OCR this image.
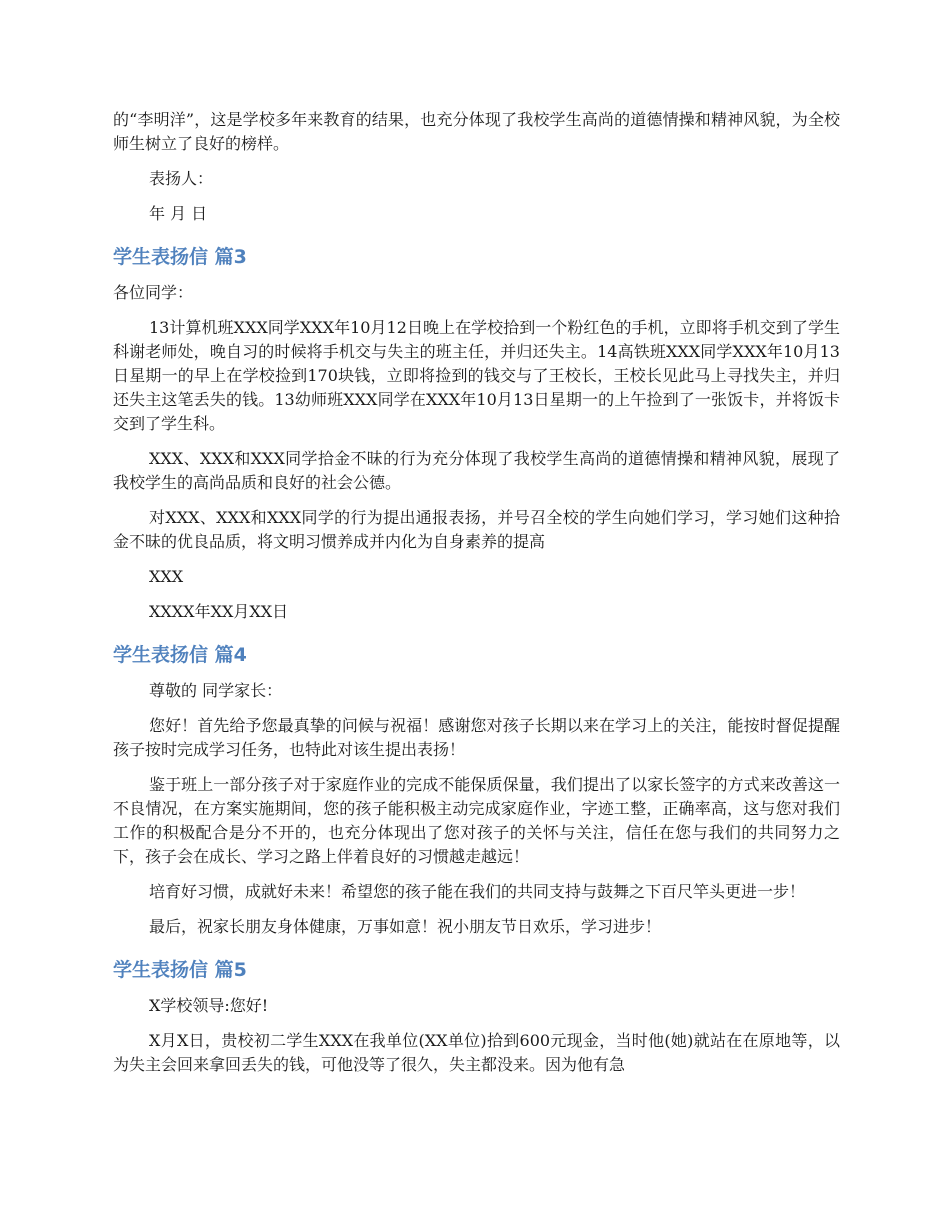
的“李明洋”，这是学校多年来教育的结果，也充分体现了我校学生高尚的道德情操和精神风貌，为全校师生树立了良好的榜样。

表扬人：

年 月 日

学生表扬信 篇3

各位同学：

13计算机班XXX同学XXX年10月12日晚上在学校拾到一个粉红色的手机，立即将手机交到了学生科谢老师处，晚自习的时候将手机交与失主的班主任，并归还失主。14高铁班XXX同学XXX年10月13日星期一的早上在学校捡到170块钱，立即将捡到的钱交与了王校长，王校长见此马上寻找失主，并归还失主这笔丢失的钱。13幼师班XXX同学在XXX年10月13日星期一的上午捡到了一张饭卡，并将饭卡交到了学生科。

XXX、XXX和XXX同学拾金不昧的行为充分体现了我校学生高尚的道德情操和精神风貌，展现了我校学生的高尚品质和良好的社会公德。

对XXX、XXX和XXX同学的行为提出通报表扬，并号召全校的学生向她们学习，学习她们这种拾金不昧的优良品质，将文明习惯养成并内化为自身素养的提高

XXX

XXXX年XX月XX日

学生表扬信 篇4

尊敬的 同学家长：

您好！首先给予您最真挚的问候与祝福！感谢您对孩子长期以来在学习上的关注，能按时督促提醒孩子按时完成学习任务，也特此对该生提出表扬！

鉴于班上一部分孩子对于家庭作业的完成不能保质保量，我们提出了以家长签字的方式来改善这一不良情况，在方案实施期间，您的孩子能积极主动完成家庭作业，字迹工整，正确率高，这与您对我们工作的积极配合是分不开的，也充分体现出了您对孩子的关怀与关注，信任在您与我们的共同努力之下，孩子会在成长、学习之路上伴着良好的习惯越走越远！

培育好习惯，成就好未来！希望您的孩子能在我们的共同支持与鼓舞之下百尺竿头更进一步！

最后，祝家长朋友身体健康，万事如意！祝小朋友节日欢乐，学习进步！

学生表扬信 篇5

X学校领导:您好!

X月X日，贵校初二学生XXX在我单位(XX单位)拾到600元现金，当时他(她)就站在在原地等，以为失主会回来拿回丢失的钱，可他没等了很久，失主都没来。因为他有急
